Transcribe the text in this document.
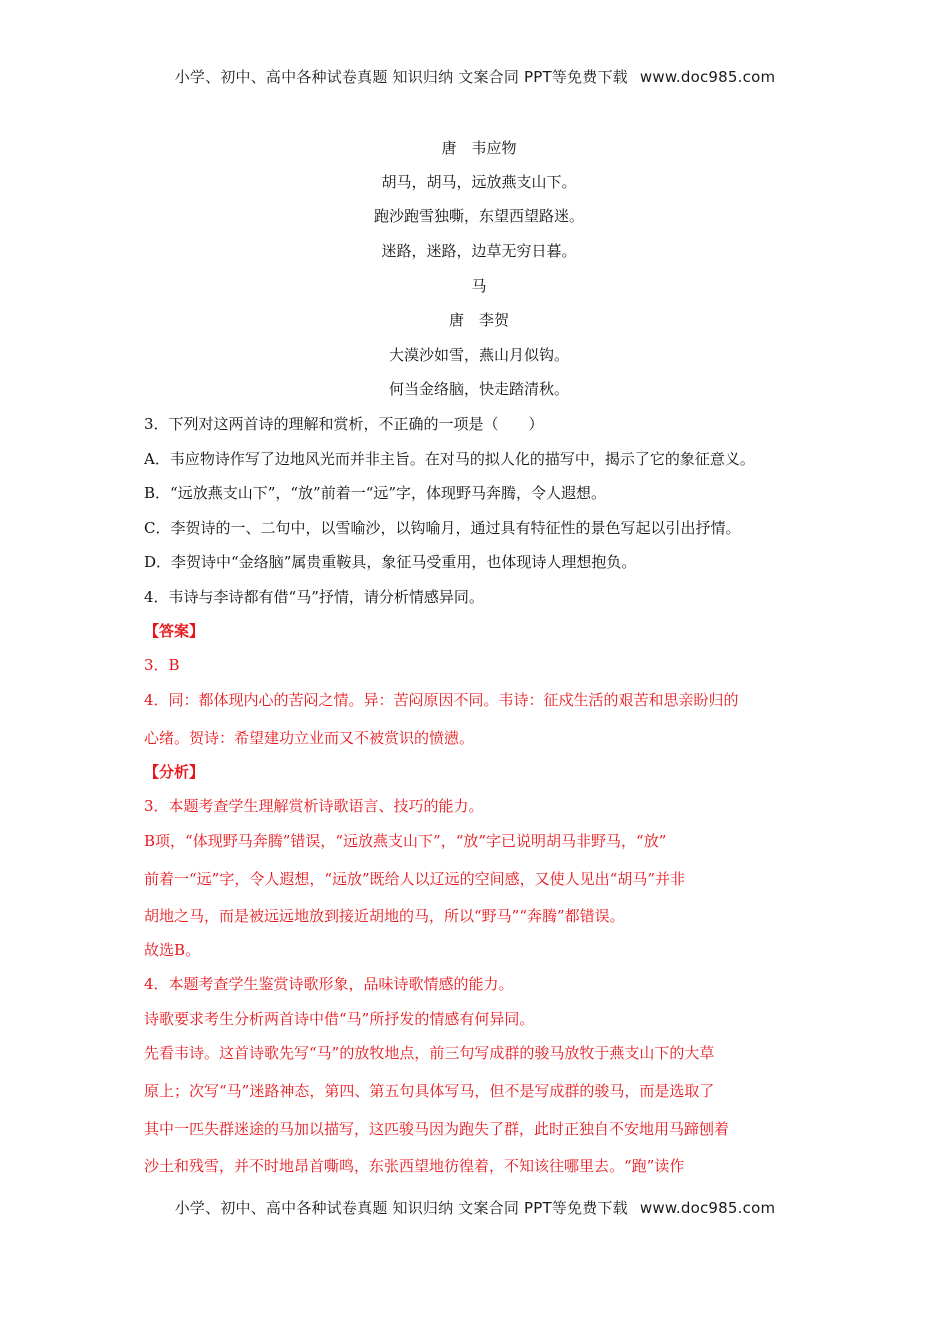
小学、初中、高中各种试卷真题 知识归纳 文案合同 PPT等免费下载 www.doc985.com
唐　韦应物
胡马，胡马，远放燕支山下。
跑沙跑雪独嘶，东望西望路迷。
迷路，迷路，边草无穷日暮。
马
唐　李贺
大漠沙如雪，燕山月似钩。
何当金络脑，快走踏清秋。
3．下列对这两首诗的理解和赏析，不正确的一项是（　　）
A．韦应物诗作写了边地风光而并非主旨。在对马的拟人化的描写中，揭示了它的象征意义。
B．“远放燕支山下”，“放”前着一“远”字，体现野马奔腾，令人遐想。
C．李贺诗的一、二句中，以雪喻沙，以钩喻月，通过具有特征性的景色写起以引出抒情。
D．李贺诗中“金络脑”属贵重鞍具，象征马受重用，也体现诗人理想抱负。
4．韦诗与李诗都有借“马”抒情，请分析情感异同。
【答案】
3．B
4．同：都体现内心的苦闷之情。异：苦闷原因不同。韦诗：征戍生活的艰苦和思亲盼归的
心绪。贺诗：希望建功立业而又不被赏识的愤懑。
【分析】
3．本题考查学生理解赏析诗歌语言、技巧的能力。
B项，“体现野马奔腾”错误，“远放燕支山下”，“放”字已说明胡马非野马，“放”
前着一“远”字，令人遐想，“远放”既给人以辽远的空间感，又使人见出“胡马”并非
胡地之马，而是被远远地放到接近胡地的马，所以“野马”“奔腾”都错误。
故选B。
4．本题考查学生鉴赏诗歌形象，品味诗歌情感的能力。
诗歌要求考生分析两首诗中借“马”所抒发的情感有何异同。
先看韦诗。这首诗歌先写“马”的放牧地点，前三句写成群的骏马放牧于燕支山下的大草
原上；次写“马”迷路神态，第四、第五句具体写马，但不是写成群的骏马，而是选取了
其中一匹失群迷途的马加以描写，这匹骏马因为跑失了群，此时正独自不安地用马蹄刨着
沙土和残雪，并不时地昂首嘶鸣，东张西望地彷徨着，不知该往哪里去。“跑”读作
小学、初中、高中各种试卷真题 知识归纳 文案合同 PPT等免费下载 www.doc985.com
